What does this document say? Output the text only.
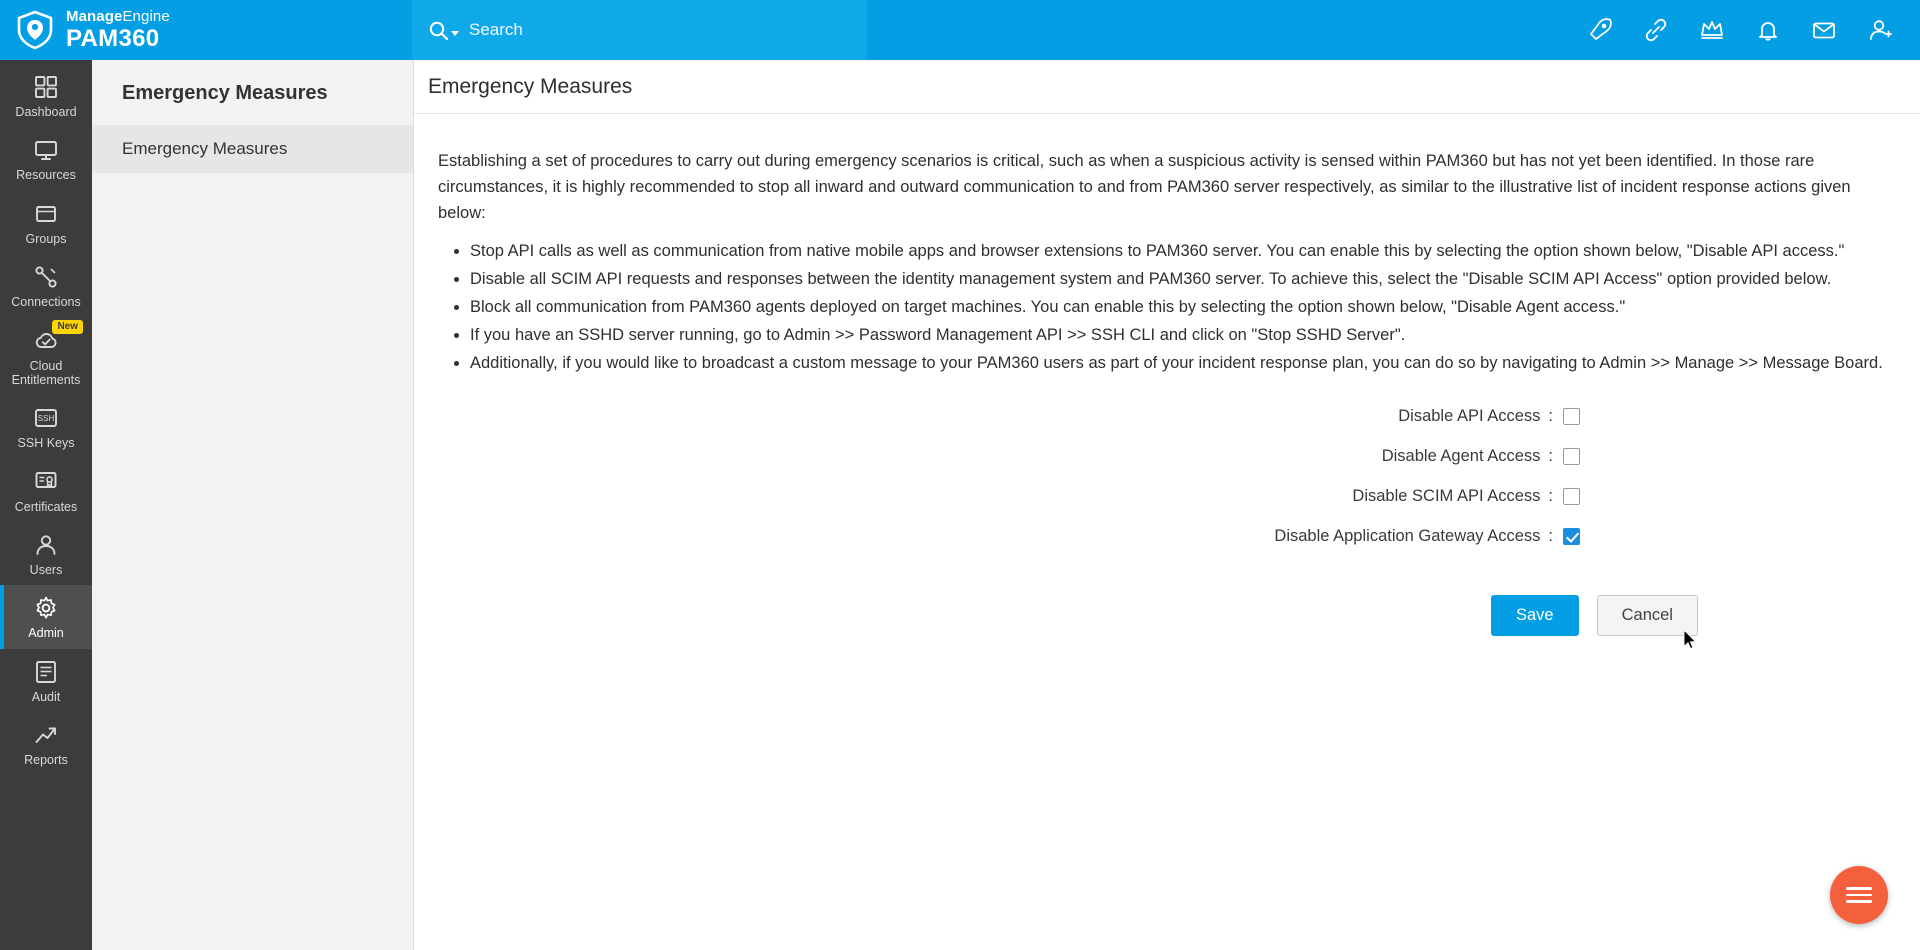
ManageEngine
PAM360
Search
Dashboard
Resources
Groups
Connections
New
Cloud Entitlements
SSH
SSH Keys
Certificates
Users
Admin
Audit
Reports
Emergency Measures
Emergency Measures
Emergency Measures

Establishing a set of procedures to carry out during emergency scenarios is critical, such as when a suspicious activity is sensed within PAM360 but has not yet been identified. In those rare circumstances, it is highly recommended to stop all inward and outward communication to and from PAM360 server respectively, as similar to the illustrative list of incident response actions given below:

• Stop API calls as well as communication from native mobile apps and browser extensions to PAM360 server. You can enable this by selecting the option shown below, "Disable API access."
• Disable all SCIM API requests and responses between the identity management system and PAM360 server. To achieve this, select the "Disable SCIM API Access" option provided below.
• Block all communication from PAM360 agents deployed on target machines. You can enable this by selecting the option shown below, "Disable Agent access."
• If you have an SSHD server running, go to Admin >> Password Management API >> SSH CLI and click on "Stop SSHD Server".
• Additionally, if you would like to broadcast a custom message to your PAM360 users as part of your incident response plan, you can do so by navigating to Admin >> Manage >> Message Board.
Disable API Access :
Disable Agent Access :
Disable SCIM API Access :
Disable Application Gateway Access :
Save	Cancel
